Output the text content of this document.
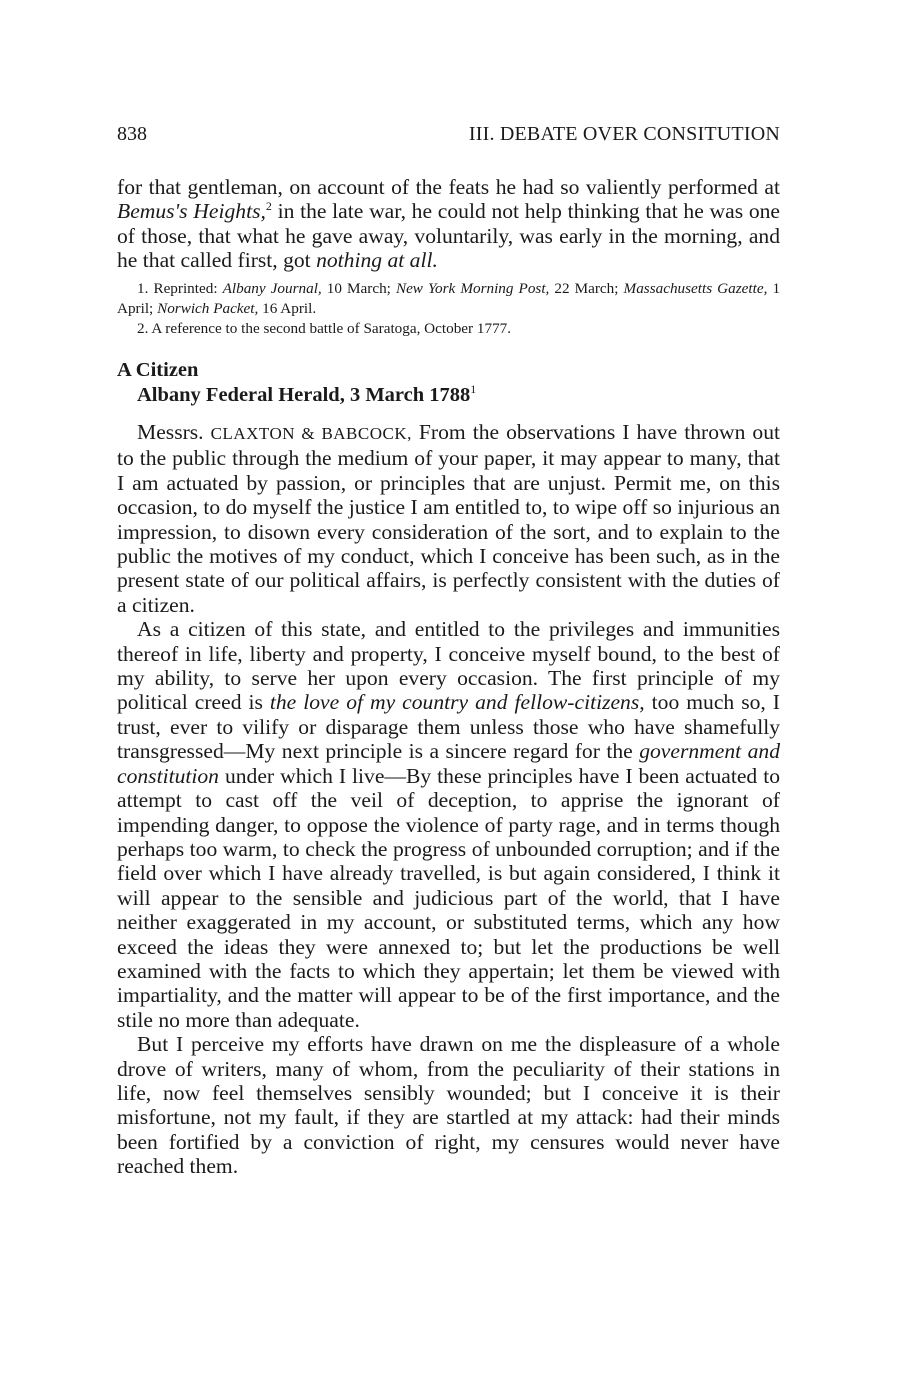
838	III. DEBATE OVER CONSITUTION

for that gentleman, on account of the feats he had so valiently performed at Bemus's Heights,$^2$ in the late war, he could not help thinking that he was one of those, that what he gave away, voluntarily, was early in the morning, and he that called first, got nothing at all.

1. Reprinted: Albany Journal, 10 March; New York Morning Post, 22 March; Massachusetts Gazette, 1 April; Norwich Packet, 16 April.

2. A reference to the second battle of Saratoga, October 1777.

A Citizen
Albany Federal Herald, 3 March 1788$^1$

Messrs. CLAXTON & BABCOCK, From the observations I have thrown out to the public through the medium of your paper, it may appear to many, that I am actuated by passion, or principles that are unjust. Permit me, on this occasion, to do myself the justice I am entitled to, to wipe off so injurious an impression, to disown every consideration of the sort, and to explain to the public the motives of my conduct, which I conceive has been such, as in the present state of our political affairs, is perfectly consistent with the duties of a citizen.

As a citizen of this state, and entitled to the privileges and immunities thereof in life, liberty and property, I conceive myself bound, to the best of my ability, to serve her upon every occasion. The first principle of my political creed is the love of my country and fellow-citizens, too much so, I trust, ever to vilify or disparage them unless those who have shamefully transgressed—My next principle is a sincere regard for the government and constitution under which I live—By these principles have I been actuated to attempt to cast off the veil of deception, to apprise the ignorant of impending danger, to oppose the violence of party rage, and in terms though perhaps too warm, to check the progress of unbounded corruption; and if the field over which I have already travelled, is but again considered, I think it will appear to the sensible and judicious part of the world, that I have neither exaggerated in my account, or substituted terms, which any how exceed the ideas they were annexed to; but let the productions be well examined with the facts to which they appertain; let them be viewed with impartiality, and the matter will appear to be of the first importance, and the stile no more than adequate.

But I perceive my efforts have drawn on me the displeasure of a whole drove of writers, many of whom, from the peculiarity of their stations in life, now feel themselves sensibly wounded; but I conceive it is their misfortune, not my fault, if they are startled at my attack: had their minds been fortified by a conviction of right, my censures would never have reached them.
